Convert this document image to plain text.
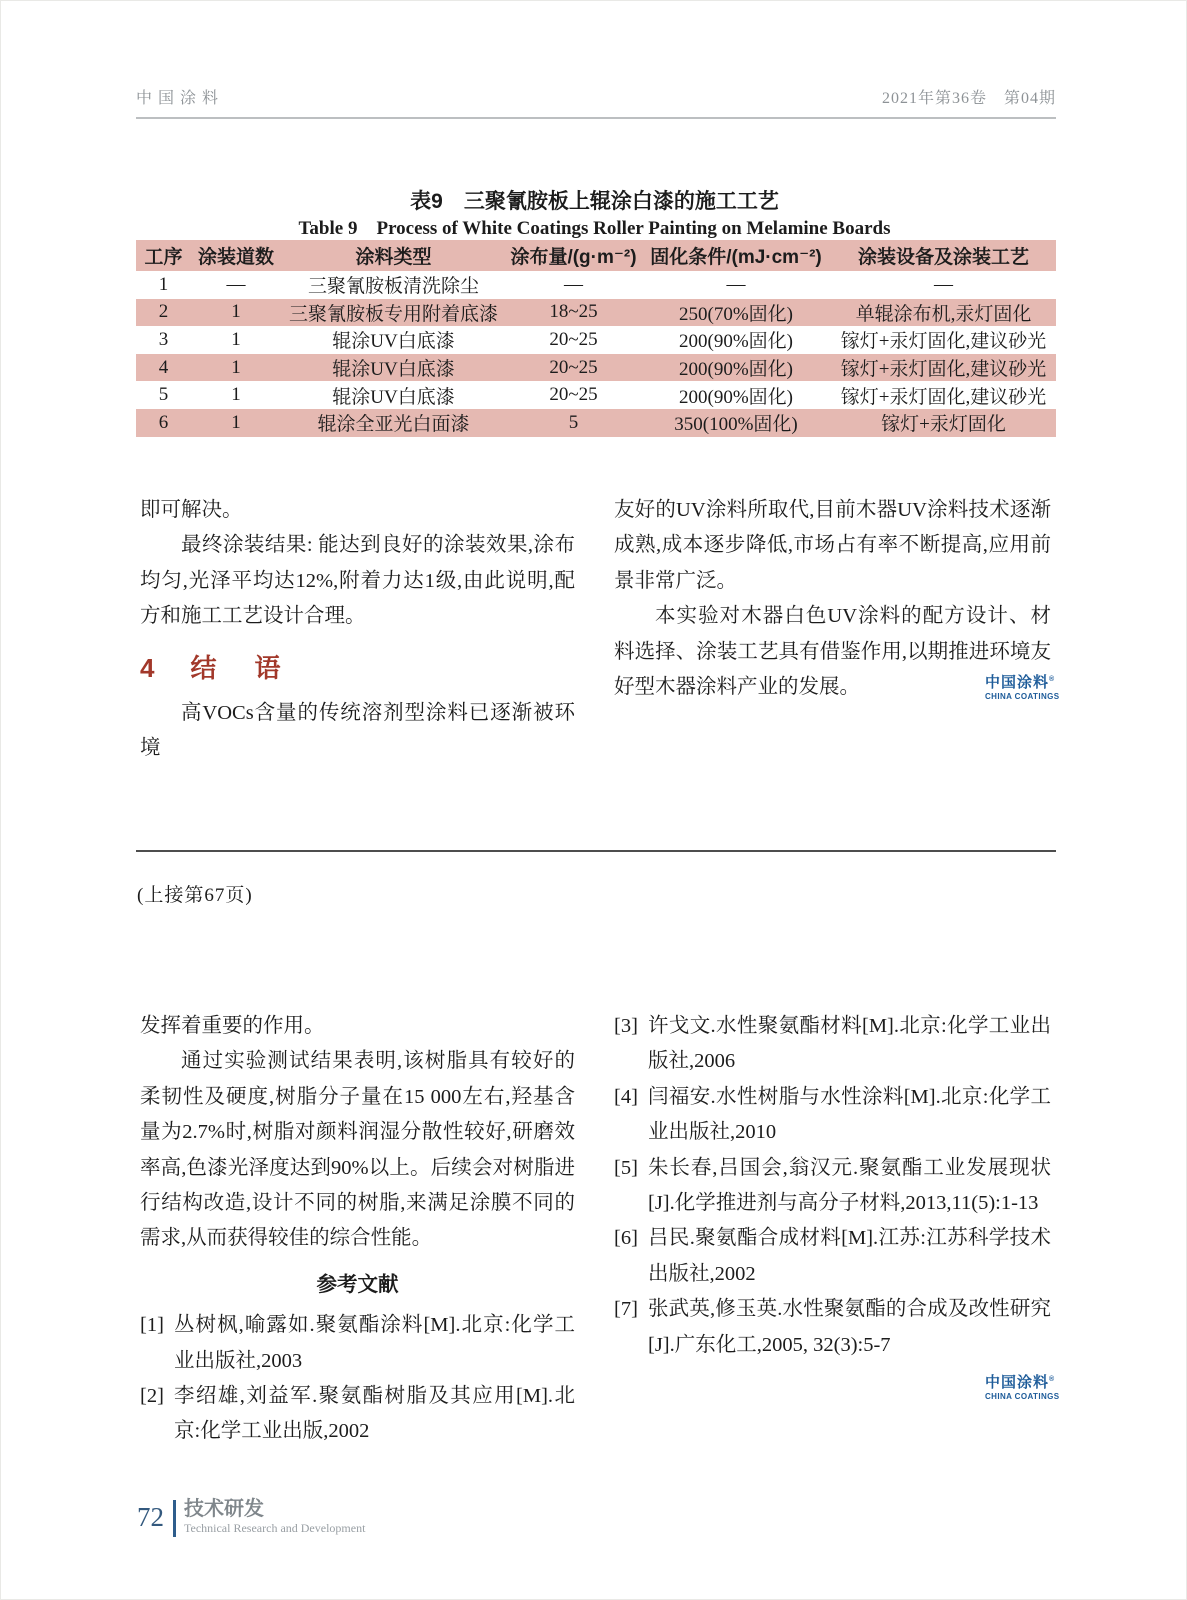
中国涂料	2021年第36卷　第04期
表9　三聚氰胺板上辊涂白漆的施工工艺
Table 9　Process of White Coatings Roller Painting on Melamine Boards
工序	涂装道数	涂料类型	涂布量/(g·m⁻²)	固化条件/(mJ·cm⁻²)	涂装设备及涂装工艺
1	—	三聚氰胺板清洗除尘	—	—	—
2	1	三聚氰胺板专用附着底漆	18~25	250(70%固化)	单辊涂布机,汞灯固化
3	1	辊涂UV白底漆	20~25	200(90%固化)	镓灯+汞灯固化,建议砂光
4	1	辊涂UV白底漆	20~25	200(90%固化)	镓灯+汞灯固化,建议砂光
5	1	辊涂UV白底漆	20~25	200(90%固化)	镓灯+汞灯固化,建议砂光
6	1	辊涂全亚光白面漆	5	350(100%固化)	镓灯+汞灯固化

即可解决。

最终涂装结果: 能达到良好的涂装效果,涂布均匀,光泽平均达12%,附着力达1级,由此说明,配方和施工工艺设计合理。

4 结　语

高VOCs含量的传统溶剂型涂料已逐渐被环境

友好的UV涂料所取代,目前木器UV涂料技术逐渐成熟,成本逐步降低,市场占有率不断提高,应用前景非常广泛。

本实验对木器白色UV涂料的配方设计、材料选择、涂装工艺具有借鉴作用,以期推进环境友好型木器涂料产业的发展。	中国涂料®
CHINA COATINGS
(上接第67页)

发挥着重要的作用。

通过实验测试结果表明,该树脂具有较好的柔韧性及硬度,树脂分子量在15 000左右,羟基含量为2.7%时,树脂对颜料润湿分散性较好,研磨效率高,色漆光泽度达到90%以上。后续会对树脂进行结构改造,设计不同的树脂,来满足涂膜不同的需求,从而获得较佳的综合性能。

参考文献

[1] 丛树枫,喻露如.聚氨酯涂料[M].北京:化学工业出版社,2003
[2] 李绍雄,刘益军.聚氨酯树脂及其应用[M].北京:化学工业出版,2002
[3] 许戈文.水性聚氨酯材料[M].北京:化学工业出版社,2006
[4] 闫福安.水性树脂与水性涂料[M].北京:化学工业出版社,2010
[5] 朱长春,吕国会,翁汉元.聚氨酯工业发展现状[J].化学推进剂与高分子材料,2013,11(5):1-13
[6] 吕民.聚氨酯合成材料[M].江苏:江苏科学技术出版社,2002
[7] 张武英,修玉英.水性聚氨酯的合成及改性研究[J].广东化工,2005, 32(3):5-7
中国涂料®
CHINA COATINGS
72 技术研发
Technical Research and Development
